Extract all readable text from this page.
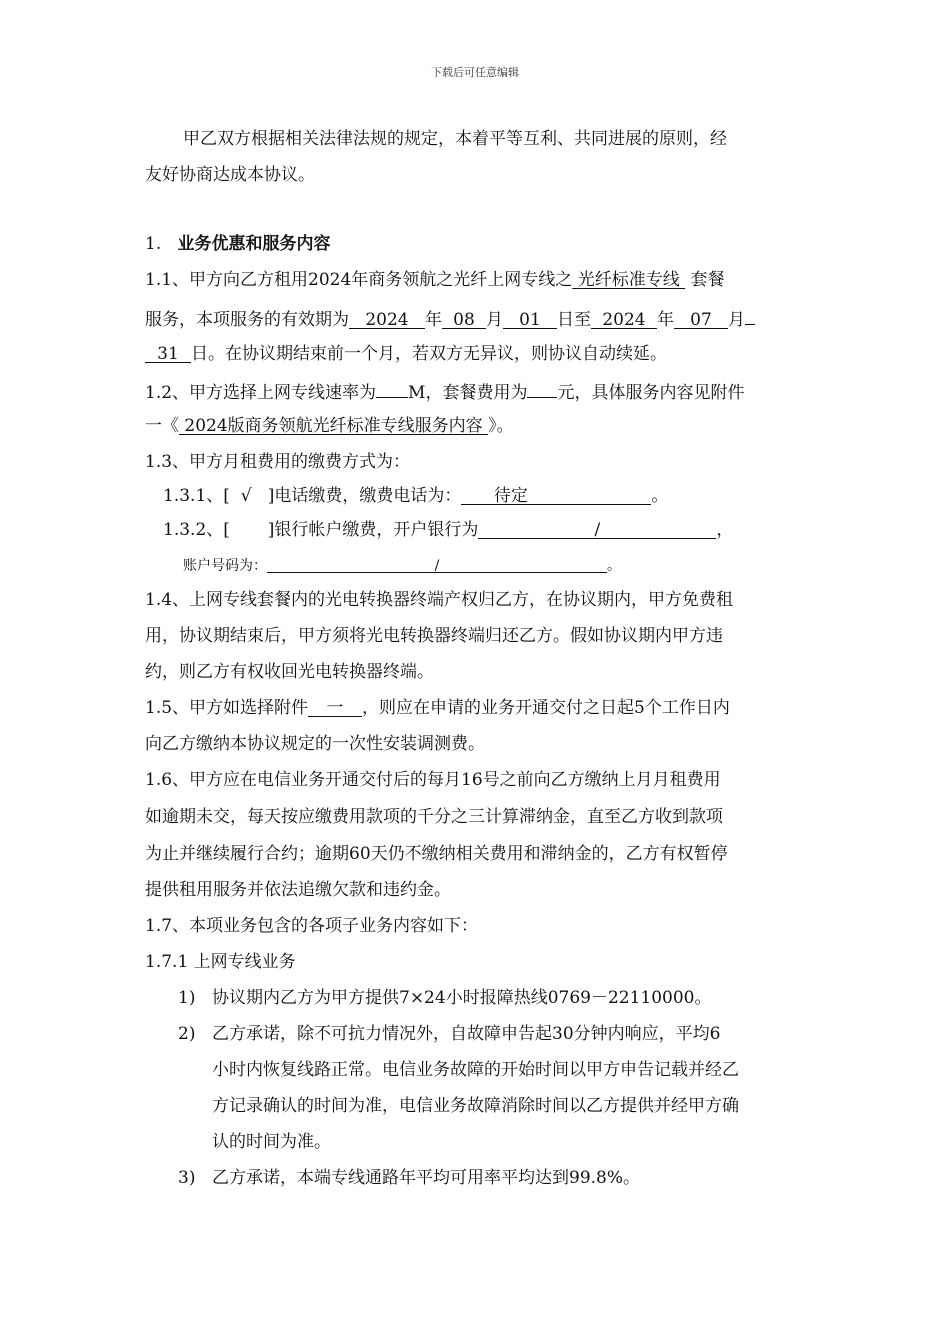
下载后可任意编辑
甲乙双方根据相关法律法规的规定，本着平等互利、共同进展的原则，经
友好协商达成本协议。
1. 业务优惠和服务内容
1.1、甲方向乙方租用2024年商务领航之光纤上网专线之 光纤标准专线 套餐
服务，本项服务的有效期为 2024 年 08 月 01 日至 2024 年 07 月
31 日。在协议期结束前一个月，若双方无异议，则协议自动续延。
1.2、甲方选择上网专线速率为 M，套餐费用为 元，具体服务内容见附件
一《 2024版商务领航光纤标准专线服务内容 》。
1.3、甲方月租费用的缴费方式为：
1.3.1、[ √ ]电话缴费，缴费电话为： 待定	。
1.3.2、[ ]银行帐户缴费，开户银行为	/	，
账户号码为：	/	。
1.4、上网专线套餐内的光电转换器终端产权归乙方，在协议期内，甲方免费租
用，协议期结束后，甲方须将光电转换器终端归还乙方。假如协议期内甲方违
约，则乙方有权收回光电转换器终端。
1.5、甲方如选择附件 一 ，则应在申请的业务开通交付之日起5个工作日内
向乙方缴纳本协议规定的一次性安装调测费。
1.6、甲方应在电信业务开通交付后的每月16号之前向乙方缴纳上月月租费用
如逾期未交，每天按应缴费用款项的千分之三计算滞纳金，直至乙方收到款项
为止并继续履行合约；逾期60天仍不缴纳相关费用和滞纳金的，乙方有权暂停
提供租用服务并依法追缴欠款和违约金。
1.7、本项业务包含的各项子业务内容如下：
1.7.1 上网专线业务
1) 协议期内乙方为甲方提供7×24小时报障热线0769－22110000。
2) 乙方承诺，除不可抗力情况外，自故障申告起30分钟内响应，平均6
小时内恢复线路正常。电信业务故障的开始时间以甲方申告记载并经乙
方记录确认的时间为准，电信业务故障消除时间以乙方提供并经甲方确
认的时间为准。
3) 乙方承诺，本端专线通路年平均可用率平均达到99.8%。
